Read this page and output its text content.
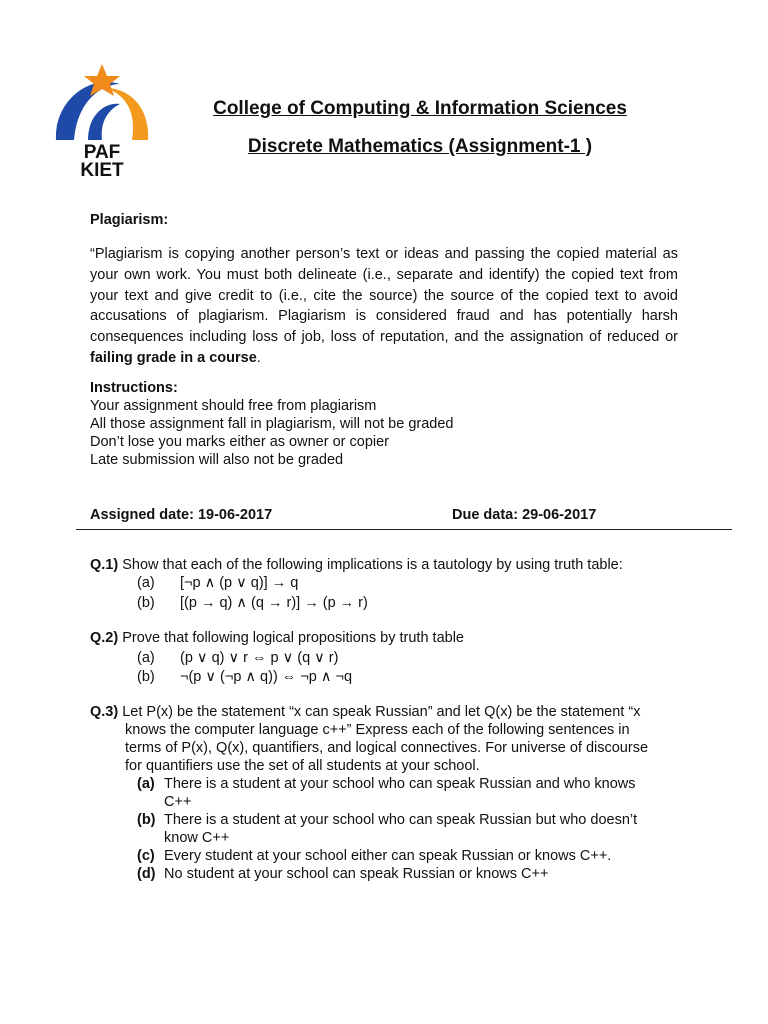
PAF
KIET
College of Computing & Information Sciences
Discrete Mathematics (Assignment-1 )
Plagiarism:
“Plagiarism is copying another person’s text or ideas and passing the copied material as
your own work. You must both delineate (i.e., separate and identify) the copied text from
your text and give credit to (i.e., cite the source) the source of the copied text to avoid
accusations of plagiarism. Plagiarism is considered fraud and has potentially harsh
consequences including loss of job, loss of reputation, and the assignation of reduced or
failing grade in a course.
Instructions:
Your assignment should free from plagiarism
All those assignment fall in plagiarism, will not be graded
Don’t lose you marks either as owner or copier
Late submission will also not be graded
Assigned date: 19-06-2017	Due data: 29-06-2017
Q.1) Show that each of the following implications is a tautology by using truth table:
(a) [¬p ∧ (p ∨ q)] → q
(b) [(p → q) ∧ (q → r)] → (p → r)
Q.2) Prove that following logical propositions by truth table
(a) (p ∨ q) ∨ r ⇔ p ∨ (q ∨ r)
(b) ¬(p ∨ (¬p ∧ q)) ⇔ ¬p ∧ ¬q
Q.3) Let P(x) be the statement “x can speak Russian” and let Q(x) be the statement “x
knows the computer language c++” Express each of the following sentences in
terms of P(x), Q(x), quantifiers, and logical connectives. For universe of discourse
for quantifiers use the set of all students at your school.
(a) There is a student at your school who can speak Russian and who knows
C++
(b) There is a student at your school who can speak Russian but who doesn’t
know C++
(c) Every student at your school either can speak Russian or knows C++.
(d) No student at your school can speak Russian or knows C++
